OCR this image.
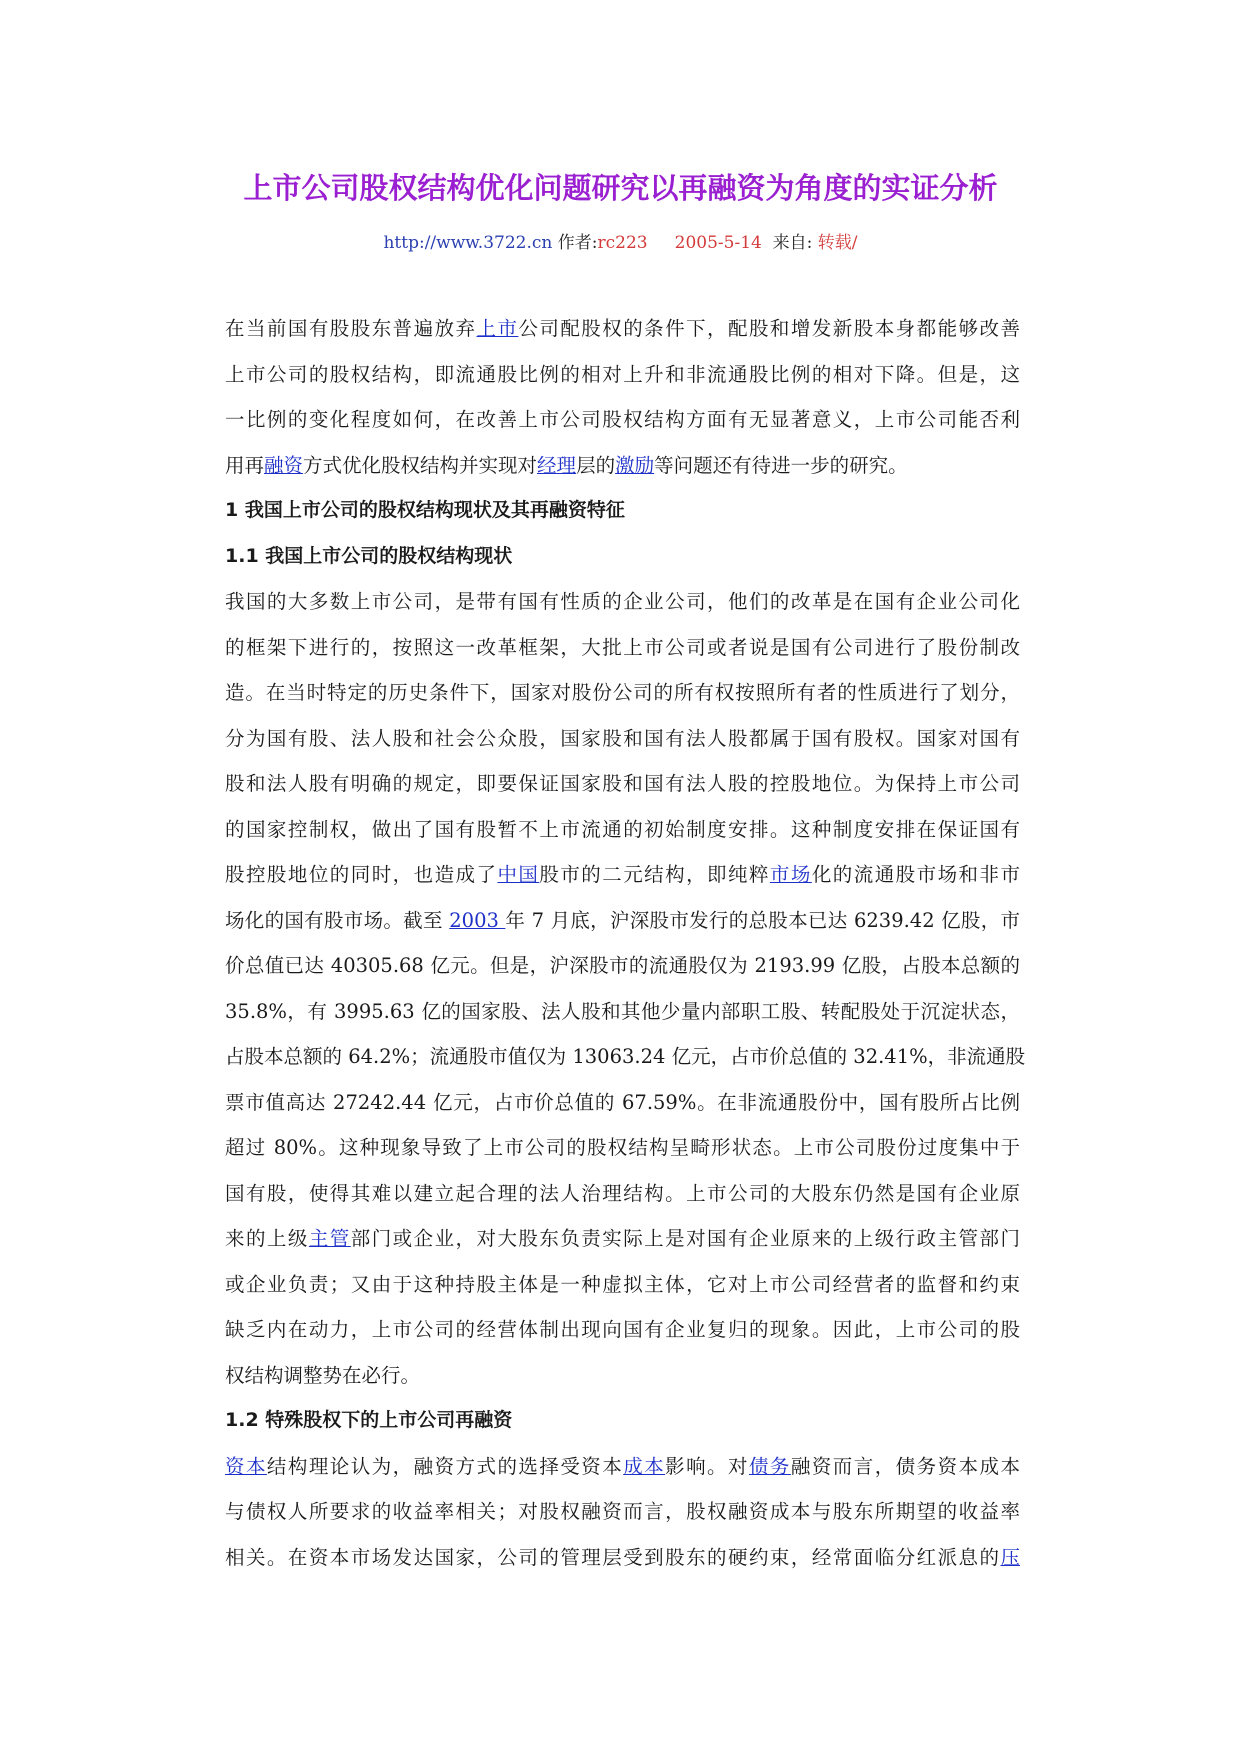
上市公司股权结构优化问题研究以再融资为角度的实证分析
http://www.3722.cn 作者:rc223 2005-5-14 来自: 转载/
在当前国有股股东普遍放弃上市公司配股权的条件下，配股和增发新股本身都能够改善
上市公司的股权结构，即流通股比例的相对上升和非流通股比例的相对下降。但是，这
一比例的变化程度如何，在改善上市公司股权结构方面有无显著意义，上市公司能否利
用再融资方式优化股权结构并实现对经理层的激励等问题还有待进一步的研究。
1 我国上市公司的股权结构现状及其再融资特征
1.1 我国上市公司的股权结构现状
我国的大多数上市公司，是带有国有性质的企业公司，他们的改革是在国有企业公司化
的框架下进行的，按照这一改革框架，大批上市公司或者说是国有公司进行了股份制改
造。在当时特定的历史条件下，国家对股份公司的所有权按照所有者的性质进行了划分，
分为国有股、法人股和社会公众股，国家股和国有法人股都属于国有股权。国家对国有
股和法人股有明确的规定，即要保证国家股和国有法人股的控股地位。为保持上市公司
的国家控制权，做出了国有股暂不上市流通的初始制度安排。这种制度安排在保证国有
股控股地位的同时，也造成了中国股市的二元结构，即纯粹市场化的流通股市场和非市
场化的国有股市场。截至 2003 年 7 月底，沪深股市发行的总股本已达 6239.42 亿股，市
价总值已达 40305.68 亿元。但是，沪深股市的流通股仅为 2193.99 亿股，占股本总额的
35.8%，有 3995.63 亿的国家股、法人股和其他少量内部职工股、转配股处于沉淀状态，
占股本总额的 64.2%；流通股市值仅为 13063.24 亿元，占市价总值的 32.41%，非流通股
票市值高达 27242.44 亿元，占市价总值的 67.59%。在非流通股份中，国有股所占比例
超过 80%。这种现象导致了上市公司的股权结构呈畸形状态。上市公司股份过度集中于
国有股，使得其难以建立起合理的法人治理结构。上市公司的大股东仍然是国有企业原
来的上级主管部门或企业，对大股东负责实际上是对国有企业原来的上级行政主管部门
或企业负责；又由于这种持股主体是一种虚拟主体，它对上市公司经营者的监督和约束
缺乏内在动力，上市公司的经营体制出现向国有企业复归的现象。因此，上市公司的股
权结构调整势在必行。
1.2 特殊股权下的上市公司再融资
资本结构理论认为，融资方式的选择受资本成本影响。对债务融资而言，债务资本成本
与债权人所要求的收益率相关；对股权融资而言，股权融资成本与股东所期望的收益率
相关。在资本市场发达国家，公司的管理层受到股东的硬约束，经常面临分红派息的压
